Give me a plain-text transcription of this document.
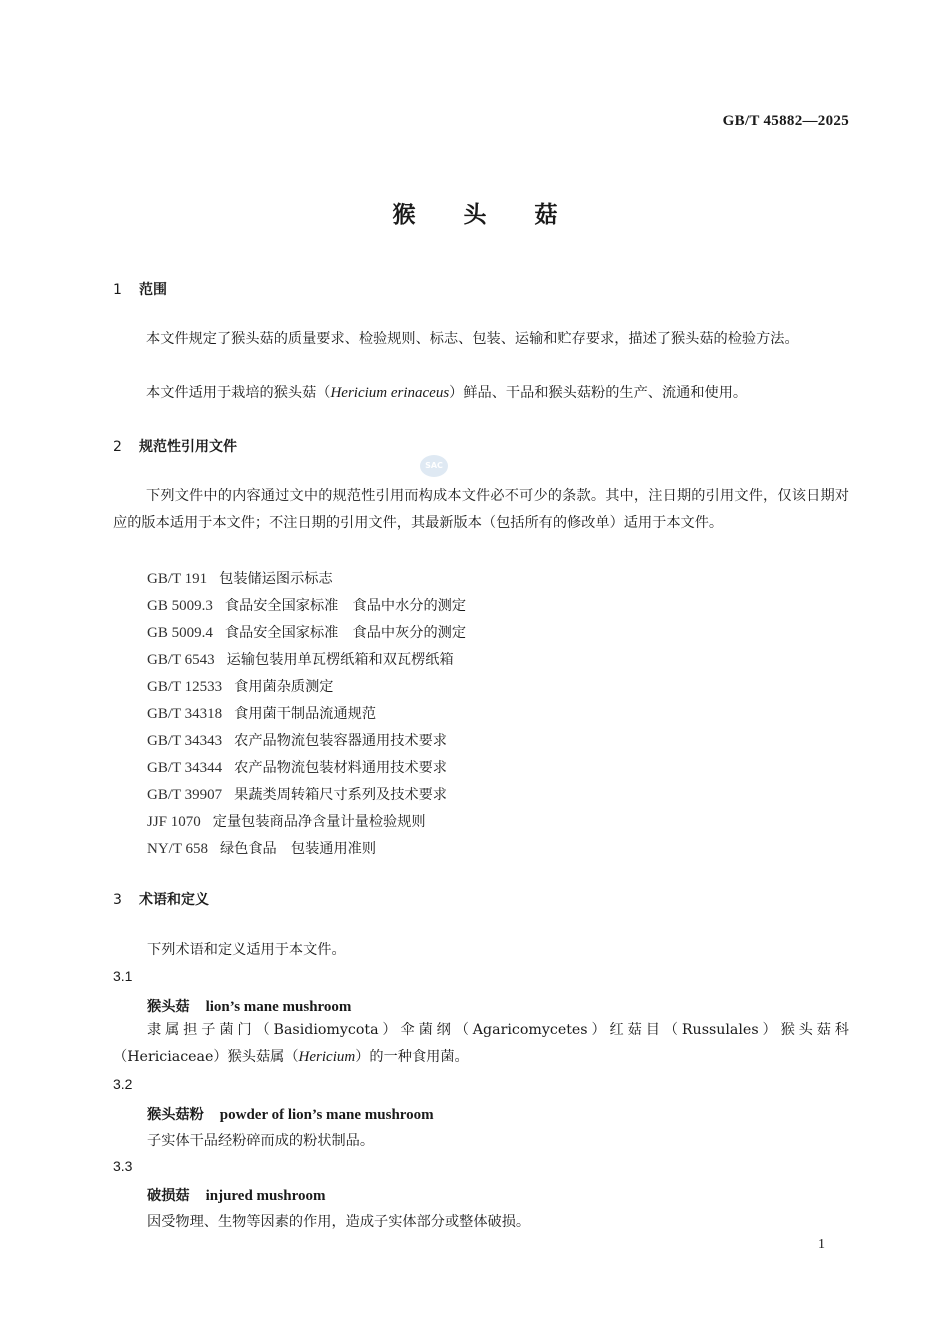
GB/T 45882—2025
猴头菇
1 范围
本文件规定了猴头菇的质量要求、检验规则、标志、包装、运输和贮存要求，描述了猴头菇的检验方法。
本文件适用于栽培的猴头菇（Hericium erinaceus）鲜品、干品和猴头菇粉的生产、流通和使用。
2 规范性引用文件
SAC
下列文件中的内容通过文中的规范性引用而构成本文件必不可少的条款。其中，注日期的引用文件，仅该日期对应的版本适用于本文件；不注日期的引用文件，其最新版本（包括所有的修改单）适用于本文件。
GB/T 191 包装储运图示标志
GB 5009.3 食品安全国家标准　食品中水分的测定
GB 5009.4 食品安全国家标准　食品中灰分的测定
GB/T 6543 运输包装用单瓦楞纸箱和双瓦楞纸箱
GB/T 12533 食用菌杂质测定
GB/T 34318 食用菌干制品流通规范
GB/T 34343 农产品物流包装容器通用技术要求
GB/T 34344 农产品物流包装材料通用技术要求
GB/T 39907 果蔬类周转箱尺寸系列及技术要求
JJF 1070 定量包装商品净含量计量检验规则
NY/T 658 绿色食品　包装通用准则
3 术语和定义
下列术语和定义适用于本文件。
3.1
猴头菇 lion’s mane mushroom
隶属担子菌门（Basidiomycota）伞菌纲（Agaricomycetes）红菇目（Russulales）猴头菇科（Hericiaceae）猴头菇属（Hericium）的一种食用菌。
3.2
猴头菇粉 powder of lion’s mane mushroom
子实体干品经粉碎而成的粉状制品。
3.3
破损菇 injured mushroom
因受物理、生物等因素的作用，造成子实体部分或整体破损。
1
